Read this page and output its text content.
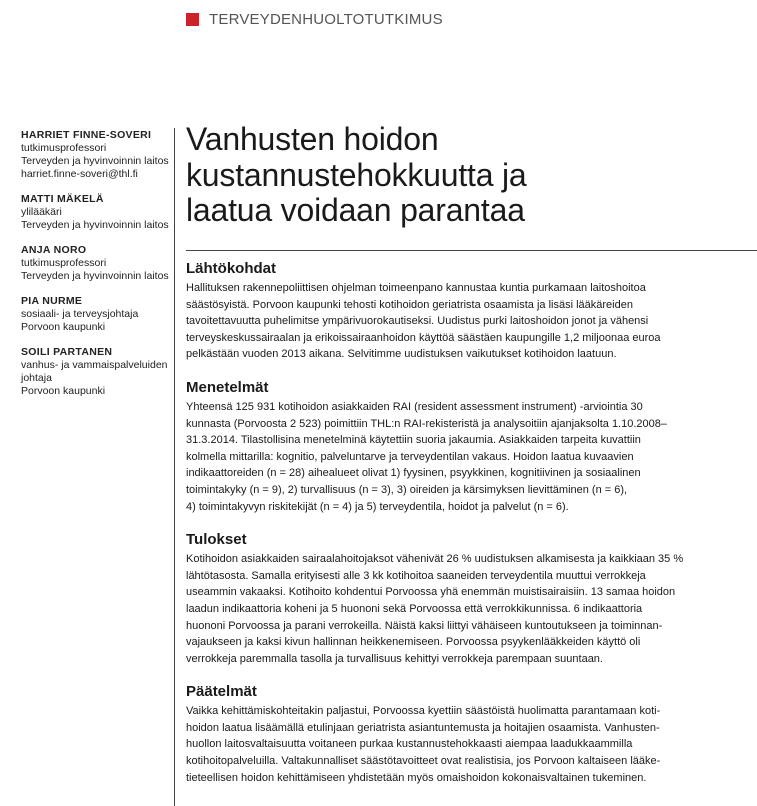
TERVEYDENHUOLTOTUTKIMUS
HARRIET FINNE-SOVERI
tutkimusprofessori
Terveyden ja hyvinvoinnin laitos
harriet.finne-soveri@thl.fi
MATTI MÄKELÄ
ylilääkäri
Terveyden ja hyvinvoinnin laitos
ANJA NORO
tutkimusprofessori
Terveyden ja hyvinvoinnin laitos
PIA NURME
sosiaali- ja terveysjohtaja
Porvoon kaupunki
SOILI PARTANEN
vanhus- ja vammaispalveluiden
johtaja
Porvoon kaupunki
Vanhusten hoidon
kustannustehokkuutta ja
laatua voidaan parantaa
Lähtökohdat

Hallituksen rakennepoliittisen ohjelman toimeenpano kannustaa kuntia purkamaan laitoshoitoa
säästösyistä. Porvoon kaupunki tehosti kotihoidon geriatrista osaamista ja lisäsi lääkäreiden
tavoitettavuutta puhelimitse ympärivuorokautiseksi. Uudistus purki laitoshoidon jonot ja vähensi
terveyskeskussairaalan ja erikoissairaanhoidon käyttöä säästäen kaupungille 1,2 miljoonaa euroa
pelkästään vuoden 2013 aikana. Selvitimme uudistuksen vaikutukset kotihoidon laatuun.

Menetelmät

Yhteensä 125 931 kotihoidon asiakkaiden RAI (resident assessment instrument) -arviointia 30
kunnasta (Porvoosta 2 523) poimittiin THL:n RAI-rekisteristä ja analysoitiin ajanjaksolta 1.10.2008–
31.3.2014. Tilastollisina menetelminä käytettiin suoria jakaumia. Asiakkaiden tarpeita kuvattiin
kolmella mittarilla: kognitio, palveluntarve ja terveydentilan vakaus. Hoidon laatua kuvaavien
indikaattoreiden (n = 28) aihealueet olivat 1) fyysinen, psyykkinen, kognitiivinen ja sosiaalinen
toimintakyky (n = 9), 2) turvallisuus (n = 3), 3) oireiden ja kärsimyksen lievittäminen (n = 6),
4) toimintakyvyn riskitekijät (n = 4) ja 5) terveydentila, hoidot ja palvelut (n = 6).

Tulokset

Kotihoidon asiakkaiden sairaalahoitojaksot vähenivät 26 % uudistuksen alkamisesta ja kaikkiaan 35 %
lähtötasosta. Samalla erityisesti alle 3 kk kotihoitoa saaneiden terveydentila muuttui verrokkeja
useammin vakaaksi. Kotihoito kohdentui Porvoossa yhä enemmän muistisairaisiin. 13 samaa hoidon
laadun indikaattoria koheni ja 5 huononi sekä Porvoossa että verrokkikunnissa. 6 indikaattoria
huononi Porvoossa ja parani verrokeilla. Näistä kaksi liittyi vähäiseen kuntoutukseen ja toiminnan-
vajaukseen ja kaksi kivun hallinnan heikkenemiseen. Porvoossa psyykenlääkkeiden käyttö oli
verrokkeja paremmalla tasolla ja turvallisuus kehittyi verrokkeja parempaan suuntaan.

Päätelmät

Vaikka kehittämiskohteitakin paljastui, Porvoossa kyettiin säästöistä huolimatta parantamaan koti-
hoidon laatua lisäämällä etulinjaan geriatrista asiantuntemusta ja hoitajien osaamista. Vanhusten-
huollon laitosvaltaisuutta voitaneen purkaa kustannustehokkaasti aiempaa laadukkaammilla
kotihoitopalveluilla. Valtakunnalliset säästötavoitteet ovat realistisia, jos Porvoon kaltaiseen lääke-
tieteellisen hoidon kehittämiseen yhdistetään myös omaishoidon kokonaisvaltainen tukeminen.
